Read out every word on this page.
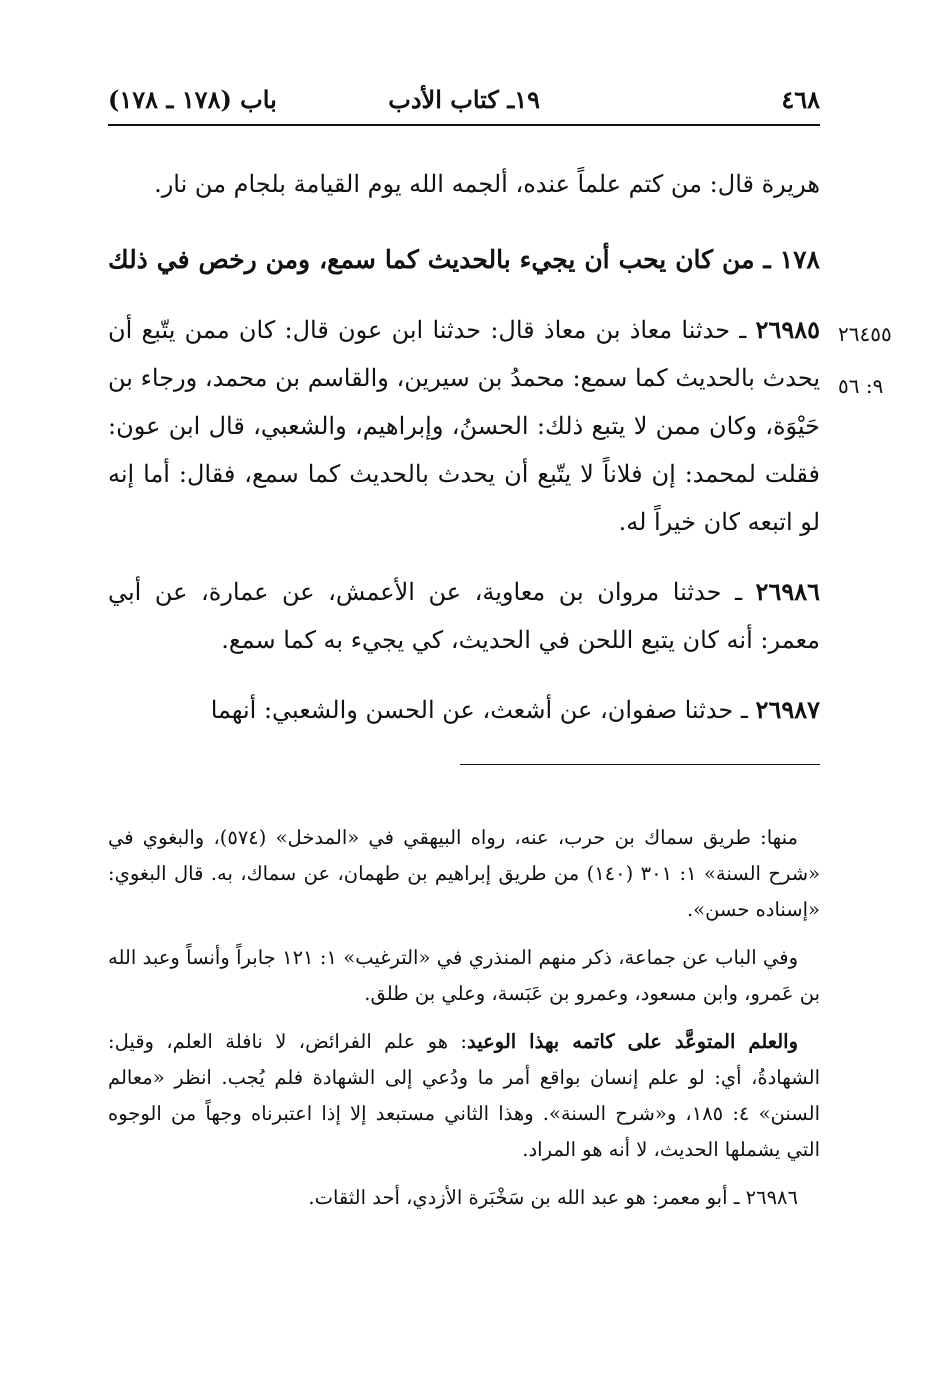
٤٦٨
١٩ـ كتاب الأدب
باب (١٧٨ ـ ١٧٨)
٢٦٤٥٥
٩: ٥٦

هريرة قال: من كتم علماً عنده، ألجمه الله يوم القيامة بلجام من نار.

١٧٨ ـ من كان يحب أن يجيء بالحديث كما سمع، ومن رخص في ذلك

٢٦٩٨٥ ـ حدثنا معاذ بن معاذ قال: حدثنا ابن عون قال: كان ممن يتّبع أن يحدث بالحديث كما سمع: محمدُ بن سيرين، والقاسم بن محمد، ورجاء بن حَيْوَة، وكان ممن لا يتبع ذلك: الحسنُ، وإبراهيم، والشعبي، قال ابن عون: فقلت لمحمد: إن فلاناً لا يتّبع أن يحدث بالحديث كما سمع، فقال: أما إنه لو اتبعه كان خيراً له.

٢٦٩٨٦ ـ حدثنا مروان بن معاوية، عن الأعمش، عن عمارة، عن أبي معمر: أنه كان يتبع اللحن في الحديث، كي يجيء به كما سمع.

٢٦٩٨٧ ـ حدثنا صفوان، عن أشعث، عن الحسن والشعبي: أنهما

منها: طريق سماك بن حرب، عنه، رواه البيهقي في «المدخل» (٥٧٤)، والبغوي في «شرح السنة» ١: ٣٠١ (١٤٠) من طريق إبراهيم بن طهمان، عن سماك، به. قال البغوي: «إسناده حسن».

وفي الباب عن جماعة، ذكر منهم المنذري في «الترغيب» ١: ١٢١ جابراً وأنساً وعبد الله بن عَمرو، وابن مسعود، وعمرو بن عَبَسة، وعلي بن طلق.

والعلم المتوعَّد على كاتمه بهذا الوعيد: هو علم الفرائض، لا نافلة العلم، وقيل: الشهادةُ، أي: لو علم إنسان بواقع أمر ما ودُعي إلى الشهادة فلم يُجب. انظر «معالم السنن» ٤: ١٨٥، و«شرح السنة». وهذا الثاني مستبعد إلا إذا اعتبرناه وجهاً من الوجوه التي يشملها الحديث، لا أنه هو المراد.

٢٦٩٨٦ ـ أبو معمر: هو عبد الله بن سَخْبَرة الأزدي، أحد الثقات.
